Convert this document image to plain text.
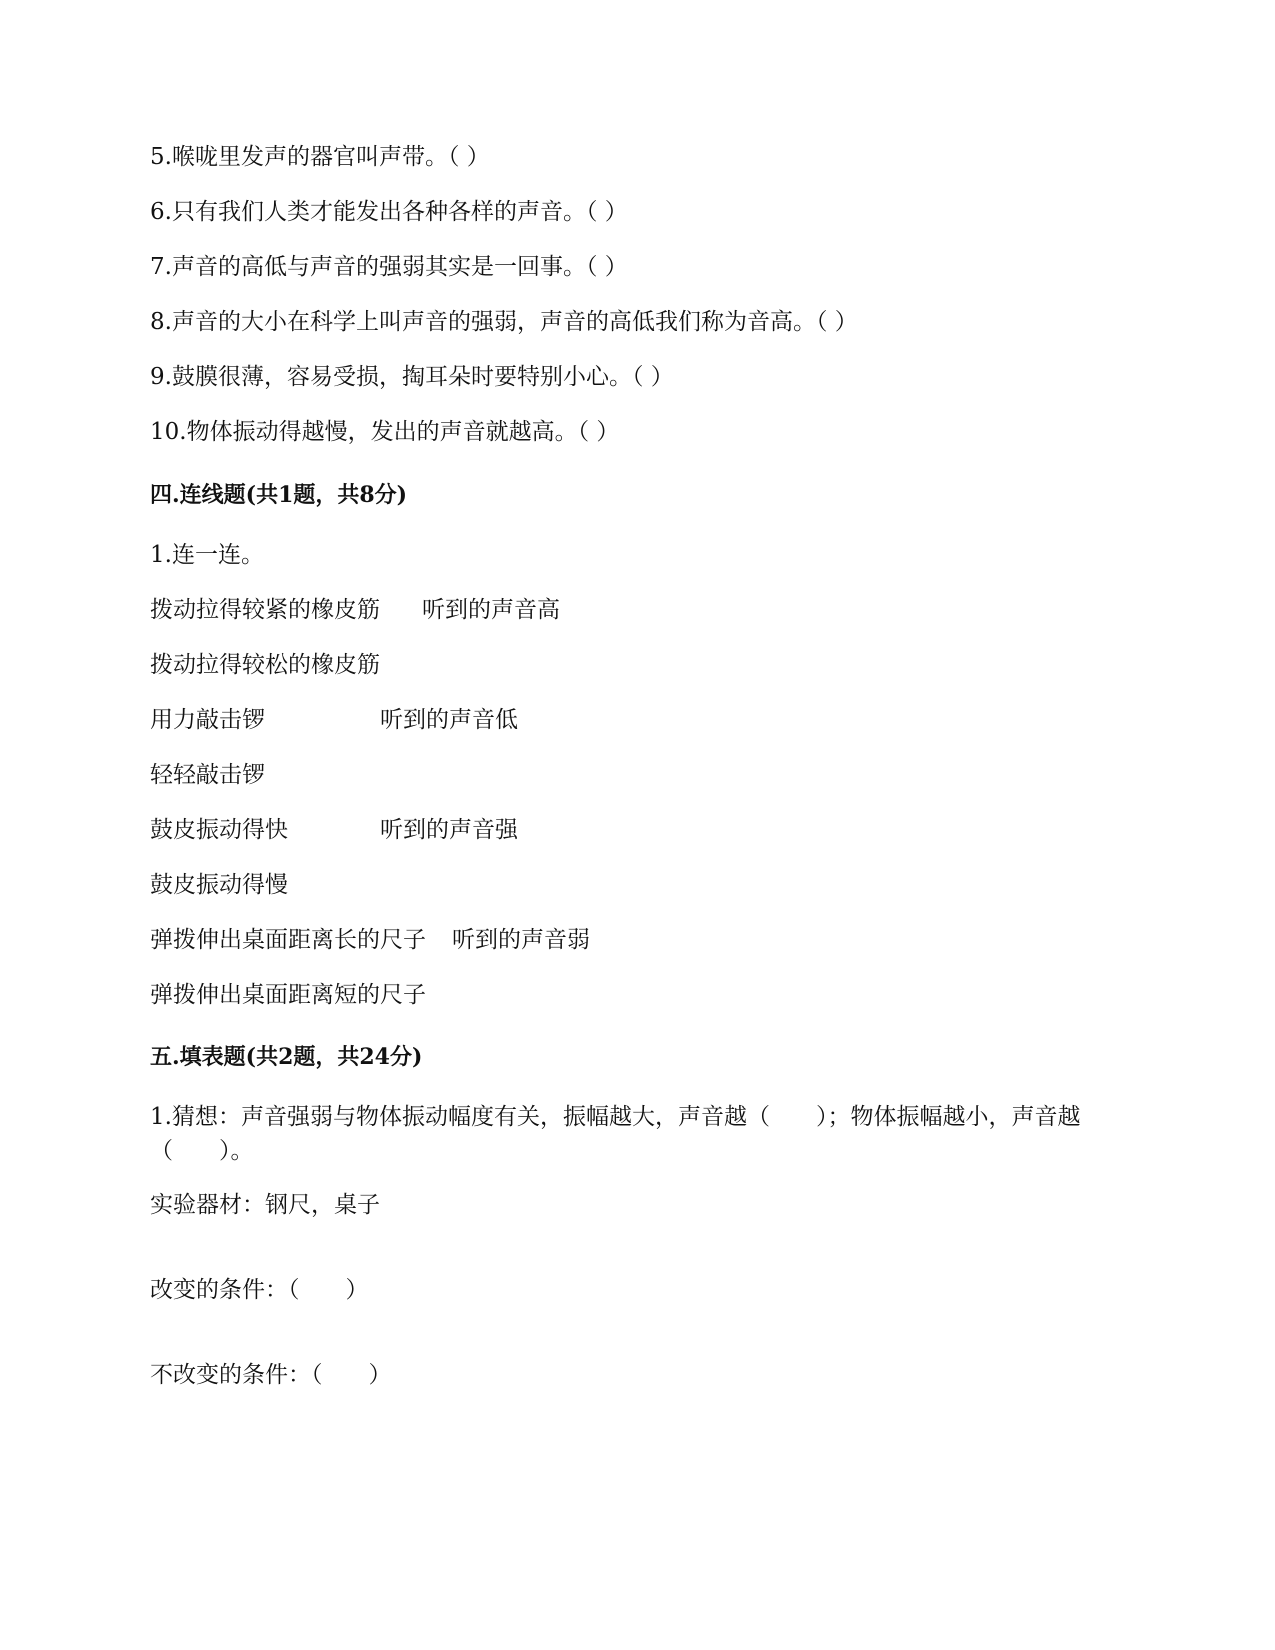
5.喉咙里发声的器官叫声带。（ ）

6.只有我们人类才能发出各种各样的声音。（ ）

7.声音的高低与声音的强弱其实是一回事。（ ）

8.声音的大小在科学上叫声音的强弱，声音的高低我们称为音高。（ ）

9.鼓膜很薄，容易受损，掏耳朵时要特别小心。（ ）

10.物体振动得越慢，发出的声音就越高。（ ）

四.连线题(共1题，共8分)

1.连一连。

拨动拉得较紧的橡皮筋 听到的声音高

拨动拉得较松的橡皮筋

用力敲击锣	听到的声音低

轻轻敲击锣

鼓皮振动得快	听到的声音强

鼓皮振动得慢

弹拨伸出桌面距离长的尺子 听到的声音弱

弹拨伸出桌面距离短的尺子

五.填表题(共2题，共24分)

1.猜想：声音强弱与物体振动幅度有关，振幅越大，声音越（　　）；物体振幅越小，声音越（　　）。

实验器材：钢尺，桌子

改变的条件：（　　）

不改变的条件：（　　）
